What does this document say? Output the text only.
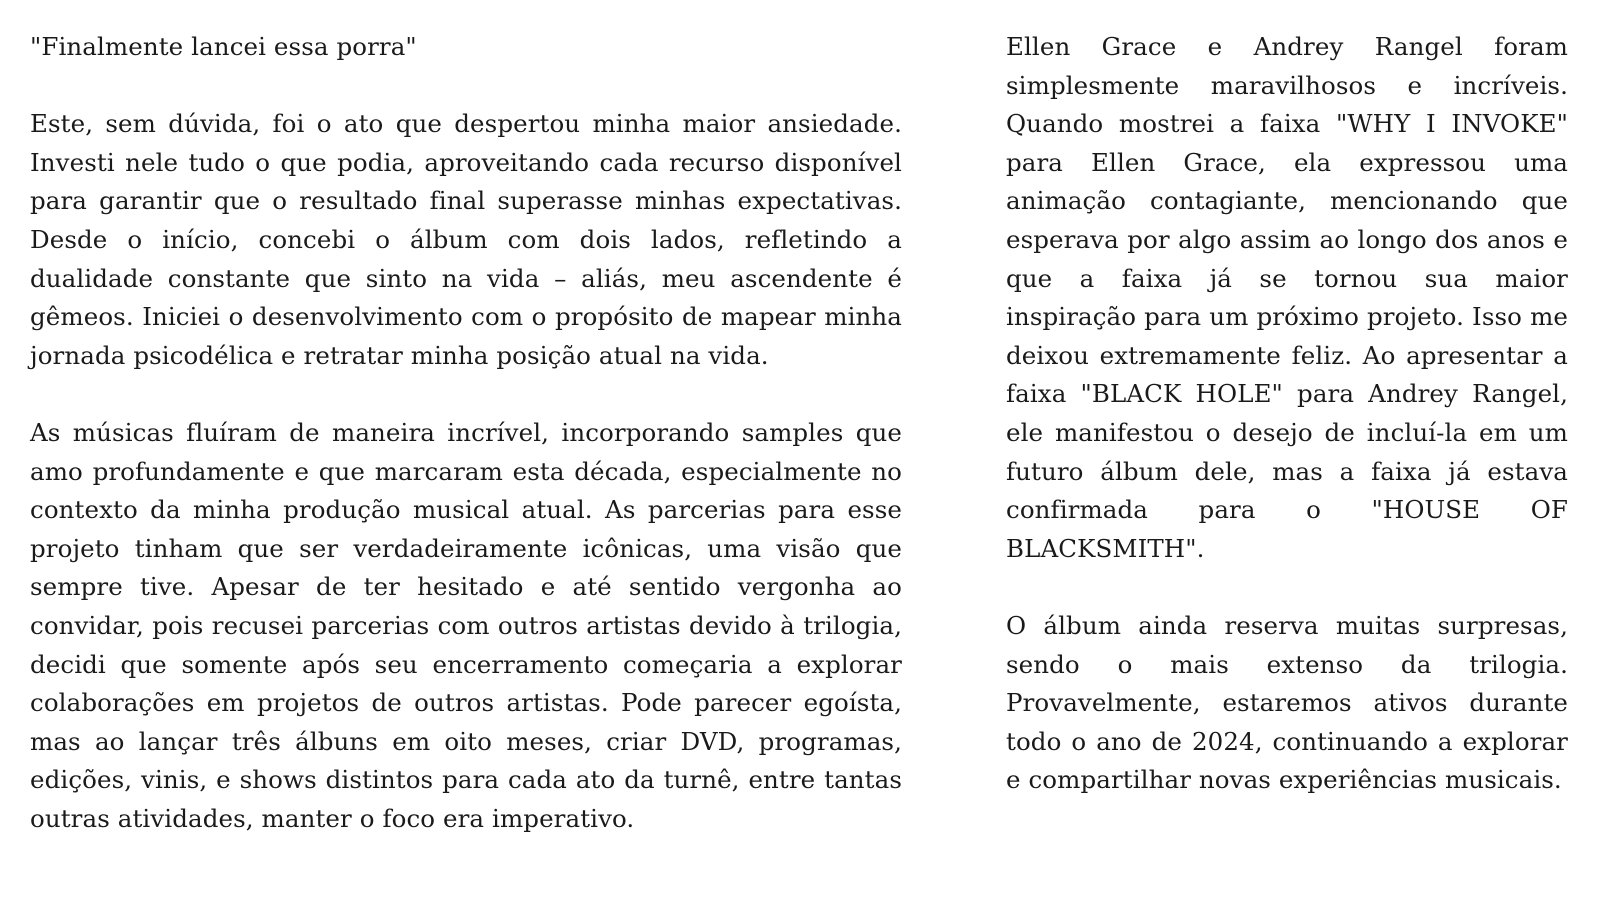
"Finalmente lancei essa porra"

Este, sem dúvida, foi o ato que despertou minha maior ansiedade. Investi nele tudo o que podia, aproveitando cada recurso disponível para garantir que o resultado final superasse minhas expectativas. Desde o início, concebi o álbum com dois lados, refletindo a dualidade constante que sinto na vida – aliás, meu ascendente é gêmeos. Iniciei o desenvolvimento com o propósito de mapear minha jornada psicodélica e retratar minha posição atual na vida.

As músicas fluíram de maneira incrível, incorporando samples que amo profundamente e que marcaram esta década, especialmente no contexto da minha produção musical atual. As parcerias para esse projeto tinham que ser verdadeiramente icônicas, uma visão que sempre tive. Apesar de ter hesitado e até sentido vergonha ao convidar, pois recusei parcerias com outros artistas devido à trilogia, decidi que somente após seu encerramento começaria a explorar colaborações em projetos de outros artistas. Pode parecer egoísta, mas ao lançar três álbuns em oito meses, criar DVD, programas, edições, vinis, e shows distintos para cada ato da turnê, entre tantas outras atividades, manter o foco era imperativo.

Ellen Grace e Andrey Rangel foram simplesmente maravilhosos e incríveis. Quando mostrei a faixa "WHY I INVOKE" para Ellen Grace, ela expressou uma animação contagiante, mencionando que esperava por algo assim ao longo dos anos e que a faixa já se tornou sua maior inspiração para um próximo projeto. Isso me deixou extremamente feliz. Ao apresentar a faixa "BLACK HOLE" para Andrey Rangel, ele manifestou o desejo de incluí-la em um futuro álbum dele, mas a faixa já estava confirmada para o "HOUSE OF BLACKSMITH".

O álbum ainda reserva muitas surpresas, sendo o mais extenso da trilogia. Provavelmente, estaremos ativos durante todo o ano de 2024, continuando a explorar e compartilhar novas experiências musicais.
